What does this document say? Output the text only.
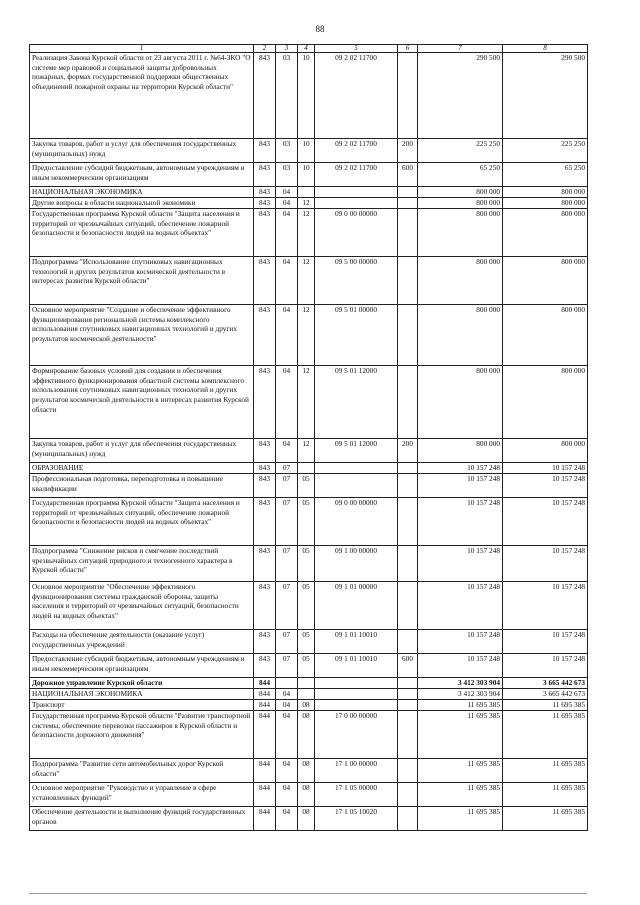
88
1	2	3	4	5	6	7	8
Реализация Закона Курской области от 23 августа 2011 г. №64-ЗКО "О системе мер правовой и социальной защиты добровольных пожарных, формах государственной поддержки общественных объединений пожарной охраны на территории Курской области"	843	03	10	09 2 02 11700		290 500	290 500
Закупка товаров, работ и услуг для обеспечения государственных (муниципальных) нужд	843	03	10	09 2 02 11700	200	225 250	225 250
Предоставление субсидий бюджетным, автономным учреждениям и иным некоммерческим организациям	843	03	10	09 2 02 11700	600	65 250	65 250
НАЦИОНАЛЬНАЯ ЭКОНОМИКА	843	04				800 000	800 000
Другие вопросы в области национальной экономики	843	04	12			800 000	800 000
Государственная программа Курской области "Защита населения и территорий от чрезвычайных ситуаций, обеспечение пожарной безопасности и безопасности людей на водных объектах"	843	04	12	09 0 00 00000		800 000	800 000
Подпрограмма "Использование спутниковых навигационных технологий и других результатов космической деятельности в интересах развития Курской области"	843	04	12	09 5 00 00000		800 000	800 000
Основное мероприятие "Создание и обеспечение эффективного функционирования региональной системы комплексного использования спутниковых навигационных технологий и других результатов космической деятельности"	843	04	12	09 5 01 00000		800 000	800 000
Формирование базовых условий для создания и обеспечения эффективного функционирования областной системы комплексного использования спутниковых навигационных технологий и других результатов космической деятельности в интересах развития Курской области	843	04	12	09 5 01 12000		800 000	800 000
Закупка товаров, работ и услуг для обеспечения государственных (муниципальных) нужд	843	04	12	09 5 01 12000	200	800 000	800 000
ОБРАЗОВАНИЕ	843	07				10 157 248	10 157 248
Профессиональная подготовка, переподготовка и повышение квалификации	843	07	05			10 157 248	10 157 248
Государственная программа Курской области "Защита населения и территорий от чрезвычайных ситуаций, обеспечение пожарной безопасности и безопасности людей на водных объектах"	843	07	05	09 0 00 00000		10 157 248	10 157 248
Подпрограмма "Снижение рисков и смягчение последствий чрезвычайных ситуаций природного и техногенного характера в Курской области"	843	07	05	09 1 00 00000		10 157 248	10 157 248
Основное мероприятие "Обеспечение эффективного функционирования системы гражданской обороны, защиты населения и территорий от чрезвычайных ситуаций, безопасности людей на водных объектах"	843	07	05	09 1 01 00000		10 157 248	10 157 248
Расходы на обеспечение деятельности (оказание услуг) государственных учреждений	843	07	05	09 1 01 10010		10 157 248	10 157 248
Предоставление субсидий бюджетным, автономным учреждениям и иным некоммерческим организациям	843	07	05	09 1 01 10010	600	10 157 248	10 157 248
Дорожное управление Курской области	844					3 412 303 904	3 665 442 673
НАЦИОНАЛЬНАЯ ЭКОНОМИКА	844	04				3 412 303 904	3 665 442 673
Транспорт	844	04	08			11 695 385	11 695 385
Государственная программа Курской области "Развитие транспортной системы, обеспечение перевозки пассажиров в Курской области и безопасности дорожного движения"	844	04	08	17 0 00 00000		11 695 385	11 695 385
Подпрограмма "Развитие сети автомобильных дорог Курской области"	844	04	08	17 1 00 00000		11 695 385	11 695 385
Основное мероприятие "Руководство и управление в сфере установленных функций"	844	04	08	17 1 05 00000		11 695 385	11 695 385
Обеспечение деятельности и выполнение функций государственных органов	844	04	08	17 1 05 10020		11 695 385	11 695 385
